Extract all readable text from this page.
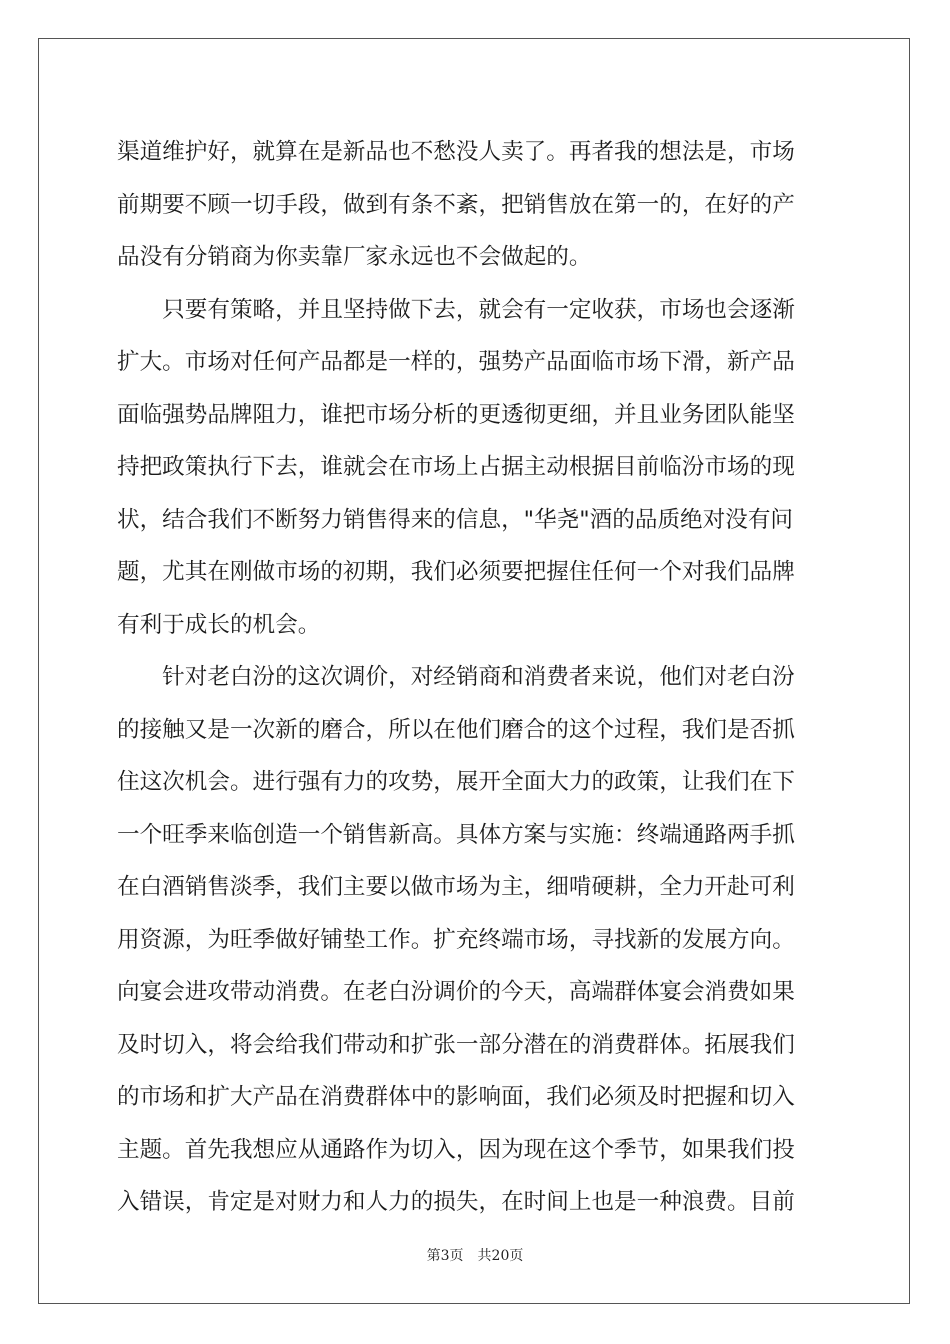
渠道维护好，就算在是新品也不愁没人卖了。再者我的想法是，市场
前期要不顾一切手段，做到有条不紊，把销售放在第一的，在好的产
品没有分销商为你卖靠厂家永远也不会做起的。
　　只要有策略，并且坚持做下去，就会有一定收获，市场也会逐渐
扩大。市场对任何产品都是一样的，强势产品面临市场下滑，新产品
面临强势品牌阻力，谁把市场分析的更透彻更细，并且业务团队能坚
持把政策执行下去，谁就会在市场上占据主动根据目前临汾市场的现
状，结合我们不断努力销售得来的信息，"华尧"酒的品质绝对没有问
题，尤其在刚做市场的初期，我们必须要把握住任何一个对我们品牌
有利于成长的机会。
　　针对老白汾的这次调价，对经销商和消费者来说，他们对老白汾
的接触又是一次新的磨合，所以在他们磨合的这个过程，我们是否抓
住这次机会。进行强有力的攻势，展开全面大力的政策，让我们在下
一个旺季来临创造一个销售新高。具体方案与实施：终端通路两手抓
在白酒销售淡季，我们主要以做市场为主，细啃硬耕，全力开赴可利
用资源，为旺季做好铺垫工作。扩充终端市场，寻找新的发展方向。
向宴会进攻带动消费。在老白汾调价的今天，高端群体宴会消费如果
及时切入，将会给我们带动和扩张一部分潜在的消费群体。拓展我们
的市场和扩大产品在消费群体中的影响面，我们必须及时把握和切入
主题。首先我想应从通路作为切入，因为现在这个季节，如果我们投
入错误，肯定是对财力和人力的损失，在时间上也是一种浪费。目前
第3页　共20页
